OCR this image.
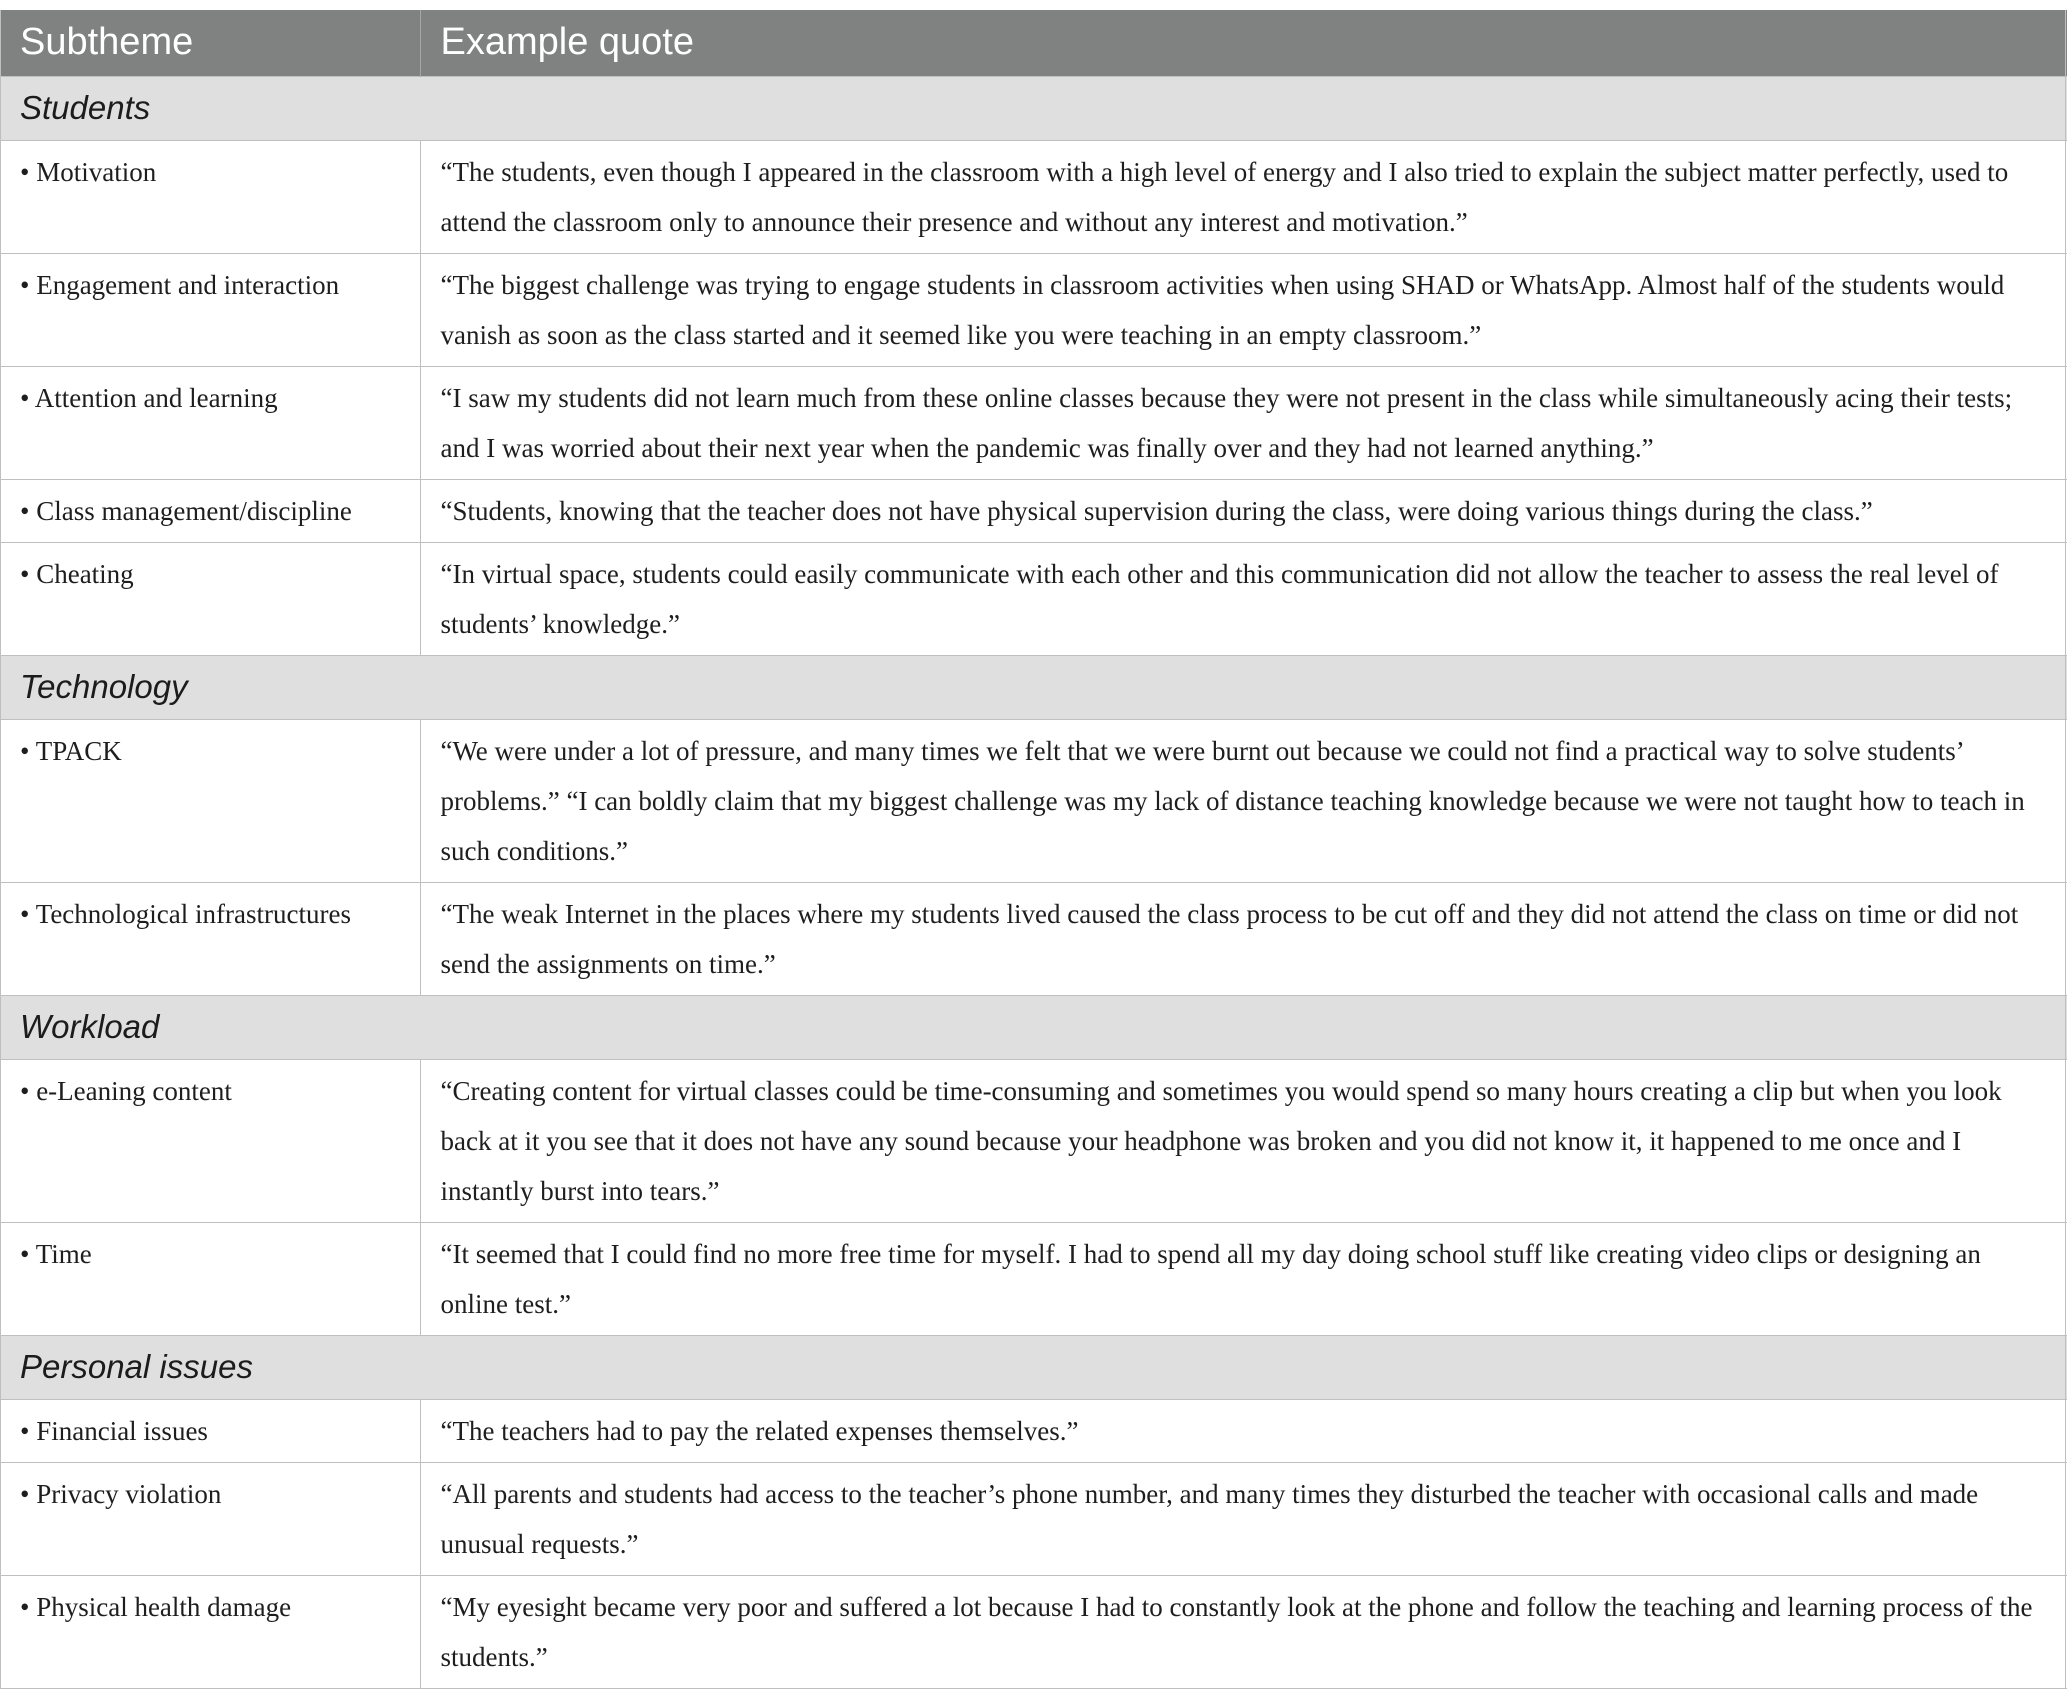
Subtheme	Example quote
Students	
• Motivation	“The students, even though I appeared in the classroom with a high level of energy and I also tried to explain the subject matter perfectly, used to attend the classroom only to announce their presence and without any interest and motivation.”
• Engagement and interaction	“The biggest challenge was trying to engage students in classroom activities when using SHAD or WhatsApp. Almost half of the students would vanish as soon as the class started and it seemed like you were teaching in an empty classroom.”
• Attention and learning	“I saw my students did not learn much from these online classes because they were not present in the class while simultaneously acing their tests; and I was worried about their next year when the pandemic was finally over and they had not learned anything.”
• Class management/discipline	“Students, knowing that the teacher does not have physical supervision during the class, were doing various things during the class.”
• Cheating	“In virtual space, students could easily communicate with each other and this communication did not allow the teacher to assess the real level of students’ knowledge.”
Technology	
• TPACK	“We were under a lot of pressure, and many times we felt that we were burnt out because we could not find a practical way to solve students’ problems.” “I can boldly claim that my biggest challenge was my lack of distance teaching knowledge because we were not taught how to teach in such conditions.”
• Technological infrastructures	“The weak Internet in the places where my students lived caused the class process to be cut off and they did not attend the class on time or did not send the assignments on time.”
Workload	
• e-Leaning content	“Creating content for virtual classes could be time-consuming and sometimes you would spend so many hours creating a clip but when you look back at it you see that it does not have any sound because your headphone was broken and you did not know it, it happened to me once and I instantly burst into tears.”
• Time	“It seemed that I could find no more free time for myself. I had to spend all my day doing school stuff like creating video clips or designing an online test.”
Personal issues	
• Financial issues	“The teachers had to pay the related expenses themselves.”
• Privacy violation	“All parents and students had access to the teacher’s phone number, and many times they disturbed the teacher with occasional calls and made unusual requests.”
• Physical health damage	“My eyesight became very poor and suffered a lot because I had to constantly look at the phone and follow the teaching and learning process of the students.”
